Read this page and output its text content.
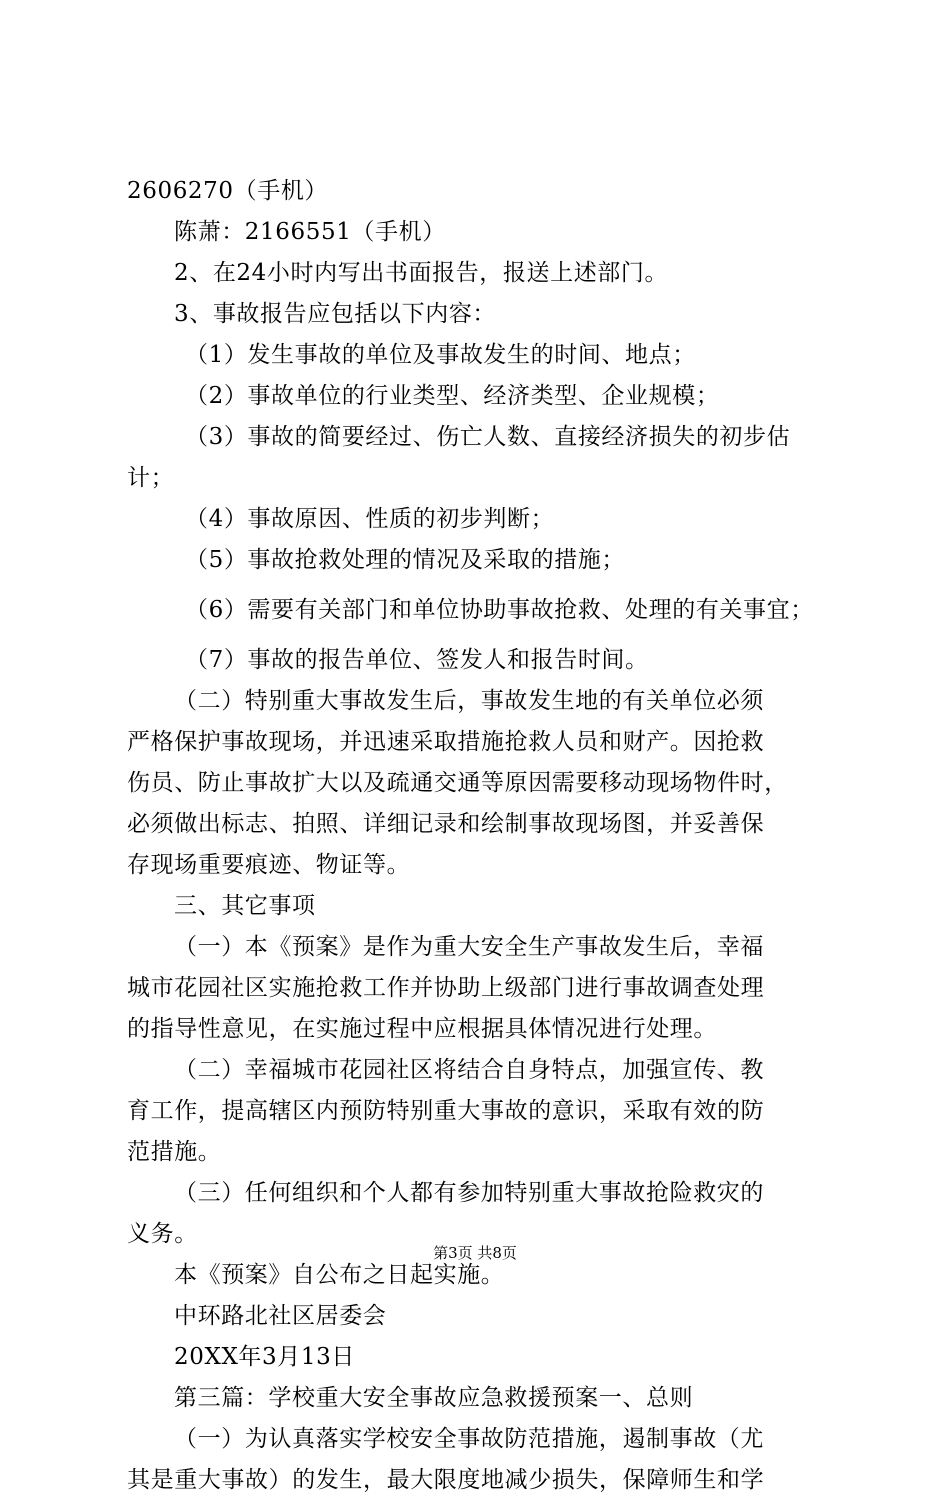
2606270（手机）
陈萧：2166551（手机）
2、在24小时内写出书面报告，报送上述部门。
3、事故报告应包括以下内容：
（1）发生事故的单位及事故发生的时间、地点；
（2）事故单位的行业类型、经济类型、企业规模；
（3）事故的简要经过、伤亡人数、直接经济损失的初步估
计；
（4）事故原因、性质的初步判断；
（5）事故抢救处理的情况及采取的措施；
（6）需要有关部门和单位协助事故抢救、处理的有关事宜；
（7）事故的报告单位、签发人和报告时间。
（二）特别重大事故发生后，事故发生地的有关单位必须
严格保护事故现场，并迅速采取措施抢救人员和财产。因抢救
伤员、防止事故扩大以及疏通交通等原因需要移动现场物件时，
必须做出标志、拍照、详细记录和绘制事故现场图，并妥善保
存现场重要痕迹、物证等。
三、其它事项
（一）本《预案》是作为重大安全生产事故发生后，幸福
城市花园社区实施抢救工作并协助上级部门进行事故调查处理
的指导性意见，在实施过程中应根据具体情况进行处理。
（二）幸福城市花园社区将结合自身特点，加强宣传、教
育工作，提高辖区内预防特别重大事故的意识，采取有效的防
范措施。
（三）任何组织和个人都有参加特别重大事故抢险救灾的
义务。
本《预案》自公布之日起实施。
中环路北社区居委会
20XX年3月13日
第三篇：学校重大安全事故应急救援预案一、总则
（一）为认真落实学校安全事故防范措施，遏制事故（尤
其是重大事故）的发生，最大限度地减少损失，保障师生和学
第3页 共8页
